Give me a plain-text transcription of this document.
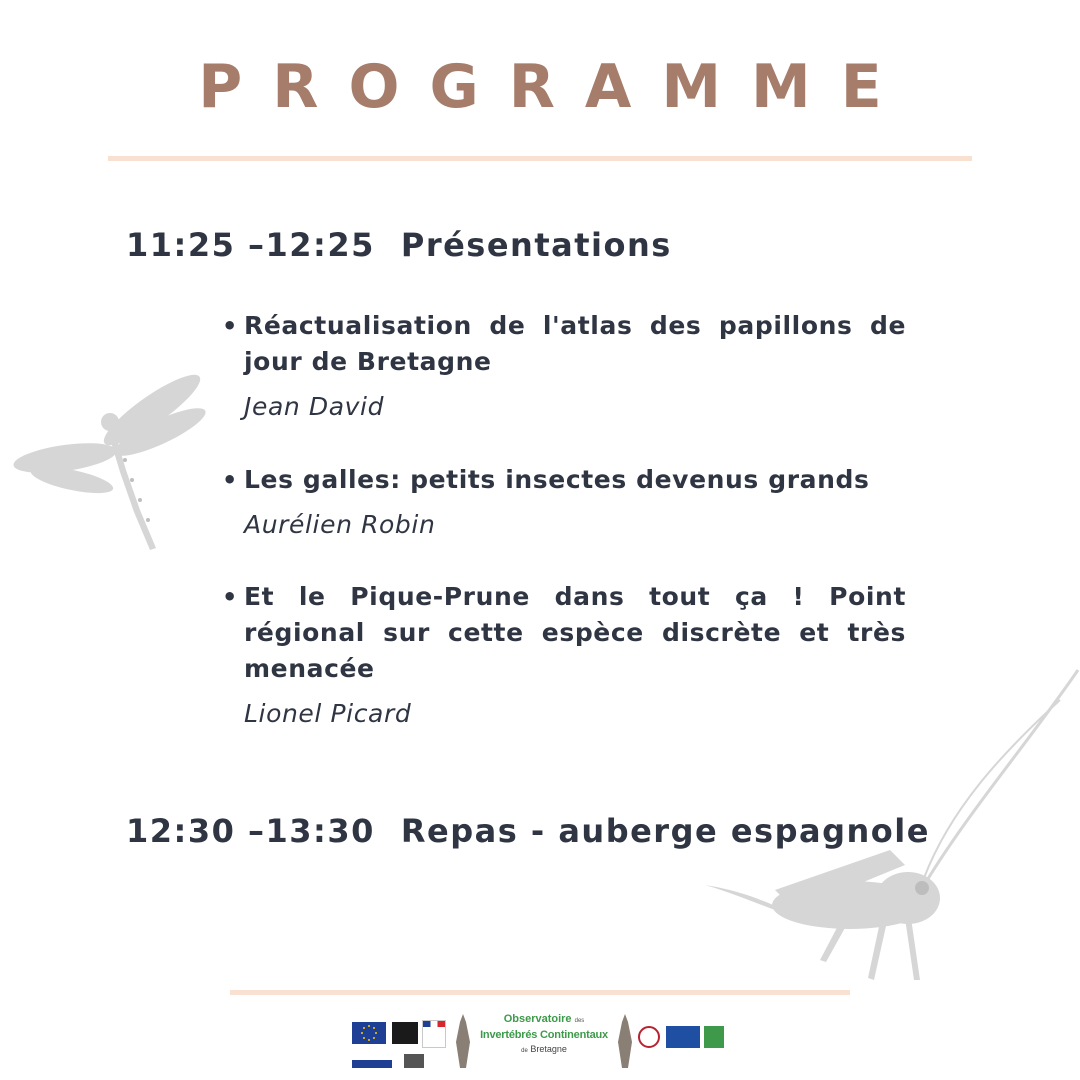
PROGRAMME
11:25 –12:25 Présentations
• Réactualisation de l'atlas des papillons de jour de Bretagne
Jean David
• Les galles: petits insectes devenus grands
Aurélien Robin
• Et le Pique-Prune dans tout ça ! Point régional sur cette espèce discrète et très menacée
Lionel Picard
12:30 –13:30 Repas - auberge espagnole
Observatoire des
Invertébrés Continentaux
de Bretagne
